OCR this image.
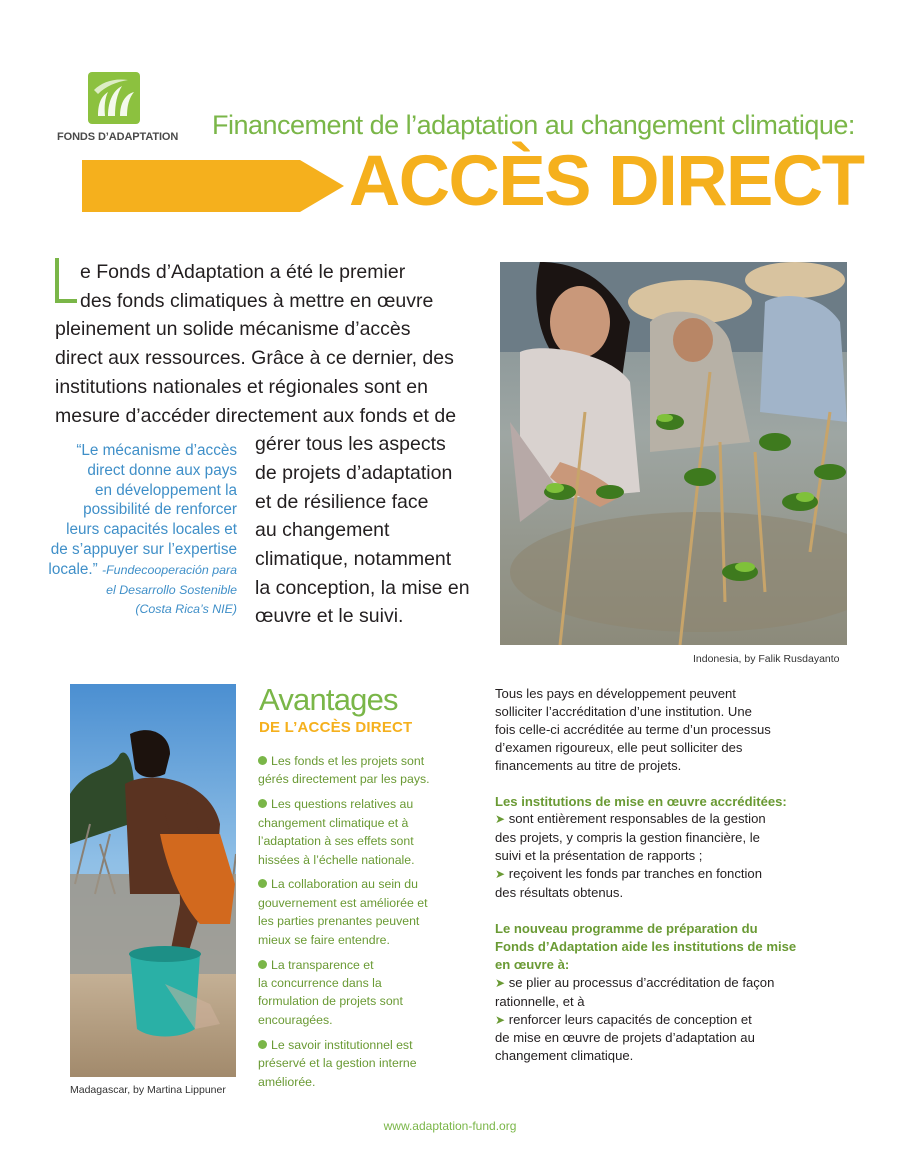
FONDS D’ADAPTATION Financement de l’adaptation au changement climatique:
ACCÈS DIRECT
e Fonds d’Adaptation a été le premier
des fonds climatiques à mettre en œuvre
pleinement un solide mécanisme d’accès
direct aux ressources. Grâce à ce dernier, des
institutions nationales et régionales sont en
mesure d’accéder directement aux fonds et de
gérer tous les aspects
de projets d’adaptation
et de résilience face
au changement
climatique, notamment
la conception, la mise en
œuvre et le suivi.
“Le mécanisme d’accès
direct donne aux pays
en développement la
possibilité de renforcer
leurs capacités locales et
de s’appuyer sur l’expertise
locale.” -Fundecooperación para
el Desarrollo Sostenible
(Costa Rica’s NIE)
Indonesia, by Falik Rusdayanto
Madagascar, by Martina Lippuner
Avantages
DE L’ACCÈS DIRECT
Les fonds et les projets sont
gérés directement par les pays.
Les questions relatives au
changement climatique et à
l’adaptation à ses effets sont
hissées à l’échelle nationale.
La collaboration au sein du
gouvernement est améliorée et
les parties prenantes peuvent
mieux se faire entendre.
La transparence et
la concurrence dans la
formulation de projets sont
encouragées.
Le savoir institutionnel est
préservé et la gestion interne
améliorée.
Tous les pays en développement peuvent
solliciter l’accréditation d’une institution. Une
fois celle-ci accréditée au terme d’un processus
d’examen rigoureux, elle peut solliciter des
financements au titre de projets.
Les institutions de mise en œuvre accréditées:
➤ sont entièrement responsables de la gestion
des projets, y compris la gestion financière, le
suivi et la présentation de rapports ;
➤ reçoivent les fonds par tranches en fonction
des résultats obtenus.
Le nouveau programme de préparation du
Fonds d’Adaptation aide les institutions de mise
en œuvre à:
➤ se plier au processus d’accréditation de façon
rationnelle, et à
➤ renforcer leurs capacités de conception et
de mise en œuvre de projets d’adaptation au
changement climatique.
www.adaptation-fund.org
